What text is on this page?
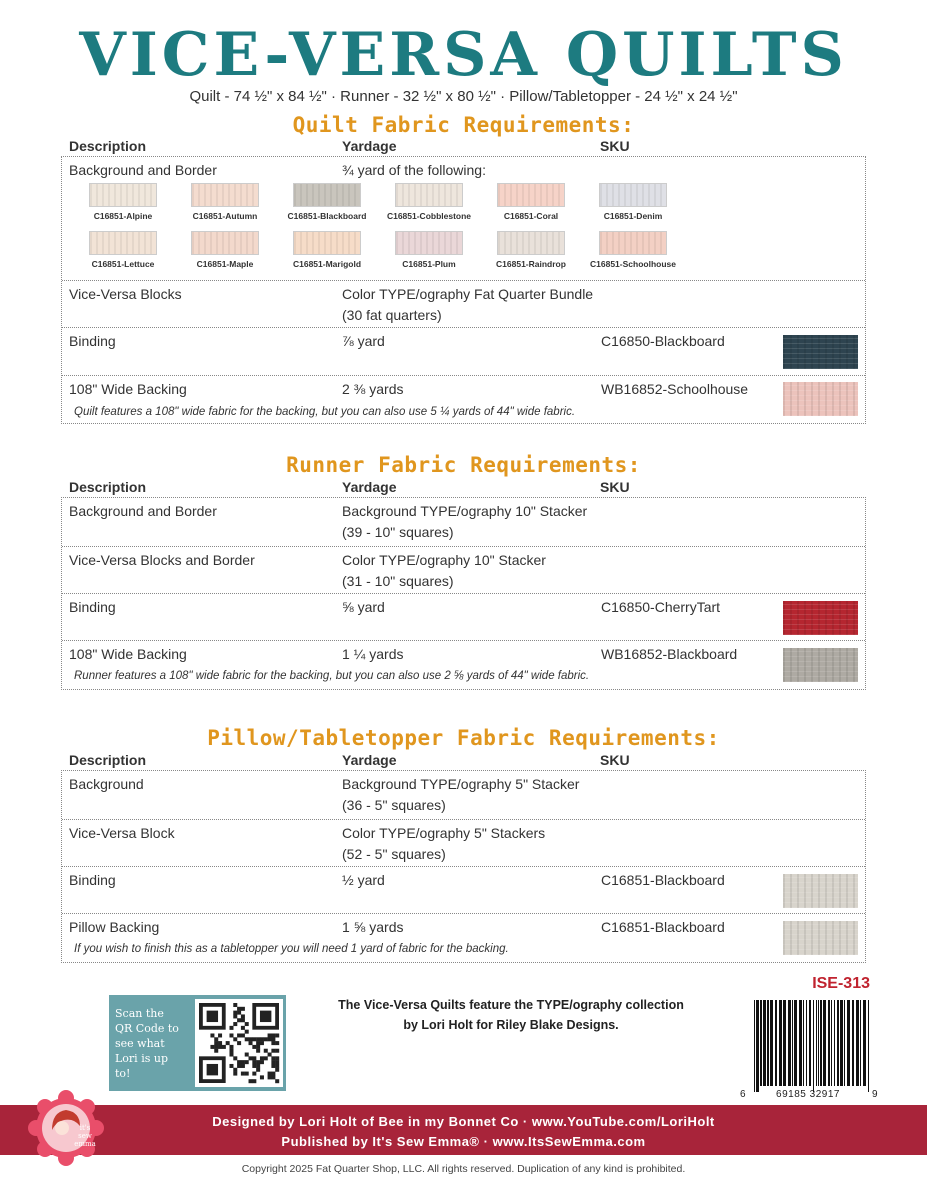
VICE-VERSA QUILTS
Quilt - 74 ½" x 84 ½" · Runner - 32 ½" x 80 ½" · Pillow/Tabletopper - 24 ½" x 24 ½"
Quilt Fabric Requirements:
Description	Yardage	SKU
Background and Border	¾ yard of the following:
C16851-Alpine	C16851-Autumn	C16851-Blackboard	C16851-Cobblestone	C16851-Coral	C16851-Denim
C16851-Lettuce	C16851-Maple	C16851-Marigold	C16851-Plum	C16851-Raindrop	C16851-Schoolhouse
Vice-Versa Blocks	Color TYPE/ography Fat Quarter Bundle
(30 fat quarters)
Binding	⅞ yard	C16850-Blackboard
108" Wide Backing	2 ⅜ yards	WB16852-Schoolhouse
Quilt features a 108" wide fabric for the backing, but you can also use 5 ¼ yards of 44" wide fabric.
Runner Fabric Requirements:
Description	Yardage	SKU
Background and Border	Background TYPE/ography 10" Stacker
(39 - 10" squares)
Vice-Versa Blocks and Border	Color TYPE/ography 10" Stacker
(31 - 10" squares)
Binding	⅝ yard	C16850-CherryTart
108" Wide Backing	1 ¼ yards	WB16852-Blackboard
Runner features a 108" wide fabric for the backing, but you can also use 2 ⅝ yards of 44" wide fabric.
Pillow/Tabletopper Fabric Requirements:
Description	Yardage	SKU
Background	Background TYPE/ography 5" Stacker
(36 - 5" squares)
Vice-Versa Block	Color TYPE/ography 5" Stackers
(52 - 5" squares)
Binding	½ yard	C16851-Blackboard
Pillow Backing	1 ⅝ yards	C16851-Blackboard
If you wish to finish this as a tabletopper you will need 1 yard of fabric for the backing.
Scan the QR Code to see what Lori is up to!
The Vice-Versa Quilts feature the TYPE/ography collection
by Lori Holt for Riley Blake Designs.
ISE-313
6	69185 32917	9
Designed by Lori Holt of Bee in my Bonnet Co · www.YouTube.com/LoriHolt
Published by It's Sew Emma® · www.ItsSewEmma.com
it's sew emma
Copyright 2025 Fat Quarter Shop, LLC. All rights reserved. Duplication of any kind is prohibited.
